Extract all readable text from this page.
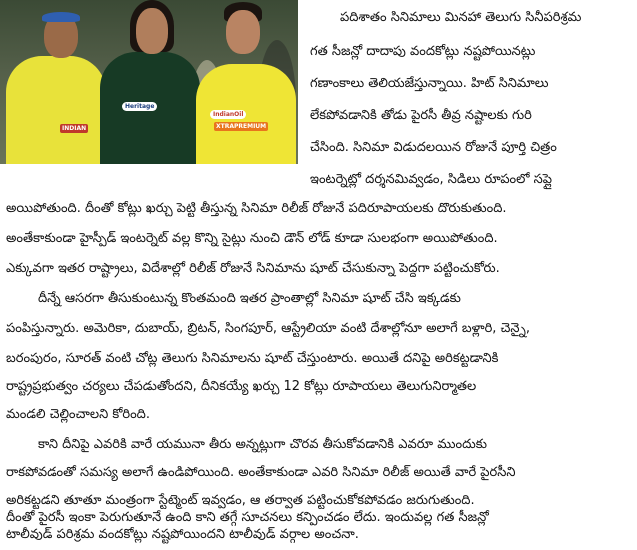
INDIAN
Heritage
IndianOil
XTRAPREMIUM
పదిశాతం సినిమాలు మినహా తెలుగు సినీపరిశ్రమ
గత సీజన్లో దాదాపు వందకోట్లు నష్టపోయినట్లు
గణాంకాలు తెలియజేస్తున్నాయి. హిట్ సినిమాలు
లేకపోవడానికి తోడు పైరసీ తీవ్ర నష్టాలకు గురి
చేసింది. సినిమా విడుదలయిన రోజునే పూర్తి చిత్రం
ఇంటర్నెట్లో దర్శనమివ్వడం, సిడిలు రూపంలో సప్లై
అయిపోతుంది. దీంతో కోట్లు ఖర్చు పెట్టి తీస్తున్న సినిమా రిలీజ్ రోజునే పదిరూపాయలకు దొరుకుతుంది.
అంతేకాకుండా హైస్పీడ్ ఇంటర్నెట్ వల్ల కొన్ని సైట్లు నుంచి డౌన్ లోడ్ కూడా సులభంగా అయిపోతుంది.
ఎక్కువగా ఇతర రాష్ట్రాలు, విదేశాల్లో రిలీజ్ రోజునే సినిమాను షూట్ చేసుకున్నా పెద్దగా పట్టించుకోరు.
దీన్నే ఆసరగా తీసుకుంటున్న కొంతమంది ఇతర ప్రాంతాల్లో సినిమా షూట్ చేసి ఇక్కడకు
పంపిస్తున్నారు. అమెరికా, దుబాయ్, బ్రిటన్, సింగపూర్, ఆస్ట్రేలియా వంటి దేశాల్లోనూ అలాగే బళ్లారి, చెన్నై,
బరంపురం, సూరత్ వంటి చోట్ల తెలుగు సినిమాలను షూట్ చేస్తుంటారు. అయితే దనిపై అరికట్టడానికి
రాష్ట్రప్రభుత్వం చర్యలు చేపడుతోందని, దీనికయ్యే ఖర్చు 12 కోట్లు రూపాయలు తెలుగునిర్మాతల
మండలి చెల్లించాలని కోరింది.
కాని దీనిపై ఎవరికి వారే యమునా తీరు అన్నట్లుగా చొరవ తీసుకోవడానికి ఎవరూ ముందుకు
రాకపోవడంతో సమస్య అలాగే ఉండిపోయింది. అంతేకాకుండా ఎవరి సినిమా రిలీజ్ అయితే వారే పైరసీని
అరికట్టడని తూతూ మంత్రంగా స్టేట్మెంట్ ఇవ్వడం, ఆ తర్వాత పట్టించుకోకపోవడం జరుగుతుంది.
దీంతో పైరసీ ఇంకా పెరుగుతూనే ఉంది కాని తగ్గే సూచనలు కన్పించడం లేదు. ఇందువల్ల గత సీజన్లో
టాలీవుడ్ పరిశ్రమ వందకోట్లు నష్టపోయిందని టాలీవుడ్ వర్గాల అంచనా.
